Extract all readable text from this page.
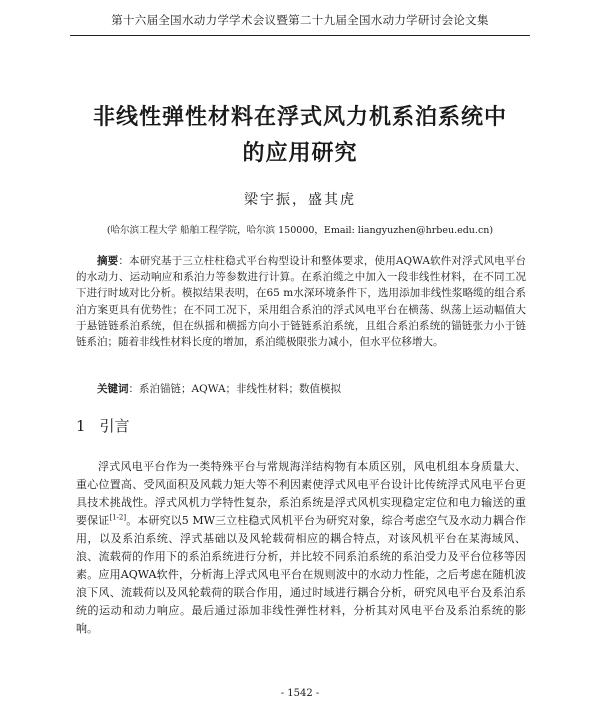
第十六届全国水动力学学术会议暨第二十九届全国水动力学研讨会论文集
非线性弹性材料在浮式风力机系泊系统中
的应用研究
梁宇振，盛其虎
(哈尔滨工程大学 船舶工程学院，哈尔滨 150000，Email: liangyuzhen@hrbeu.edu.cn)

摘要：本研究基于三立柱柱稳式平台构型设计和整体要求，使用AQWA软件对浮式风电平台的水动力、运动响应和系泊力等参数进行计算。在系泊缆之中加入一段非线性材料，在不同工况下进行时域对比分析。模拟结果表明，在65 m水深环境条件下，选用添加非线性浆略缆的组合系泊方案更具有优势性；在不同工况下，采用组合系泊的浮式风电平台在横荡、纵荡上运动幅值大于悬链链系泊系统，但在纵摇和横摇方向小于链链系泊系统，且组合系泊系统的锚链张力小于链链系泊；随着非线性材料长度的增加，系泊缆极限张力减小，但水平位移增大。

关键词：系泊锚链；AQWA；非线性材料；数值模拟

1 引言

浮式风电平台作为一类特殊平台与常规海洋结构物有本质区别，风电机组本身质量大、重心位置高、受风面积及风载力矩大等不利因素使浮式风电平台设计比传统浮式风电平台更具技术挑战性。浮式风机力学特性复杂，系泊系统是浮式风机实现稳定定位和电力输送的重要保证[1-2]。本研究以5 MW三立柱稳式风机平台为研究对象，综合考虑空气及水动力耦合作用，以及系泊系统、浮式基础以及风轮载荷相应的耦合特点，对该风机平台在某海域风、浪、流载荷的作用下的系泊系统进行分析，并比较不同系泊系统的系泊受力及平台位移等因素。应用AQWA软件，分析海上浮式风电平台在规则波中的水动力性能，之后考虑在随机波浪下风、流载荷以及风轮载荷的联合作用，通过时域进行耦合分析，研究风电平台及系泊系统的运动和动力响应。最后通过添加非线性弹性材料，分析其对风电平台及系泊系统的影响。

- 1542 -
